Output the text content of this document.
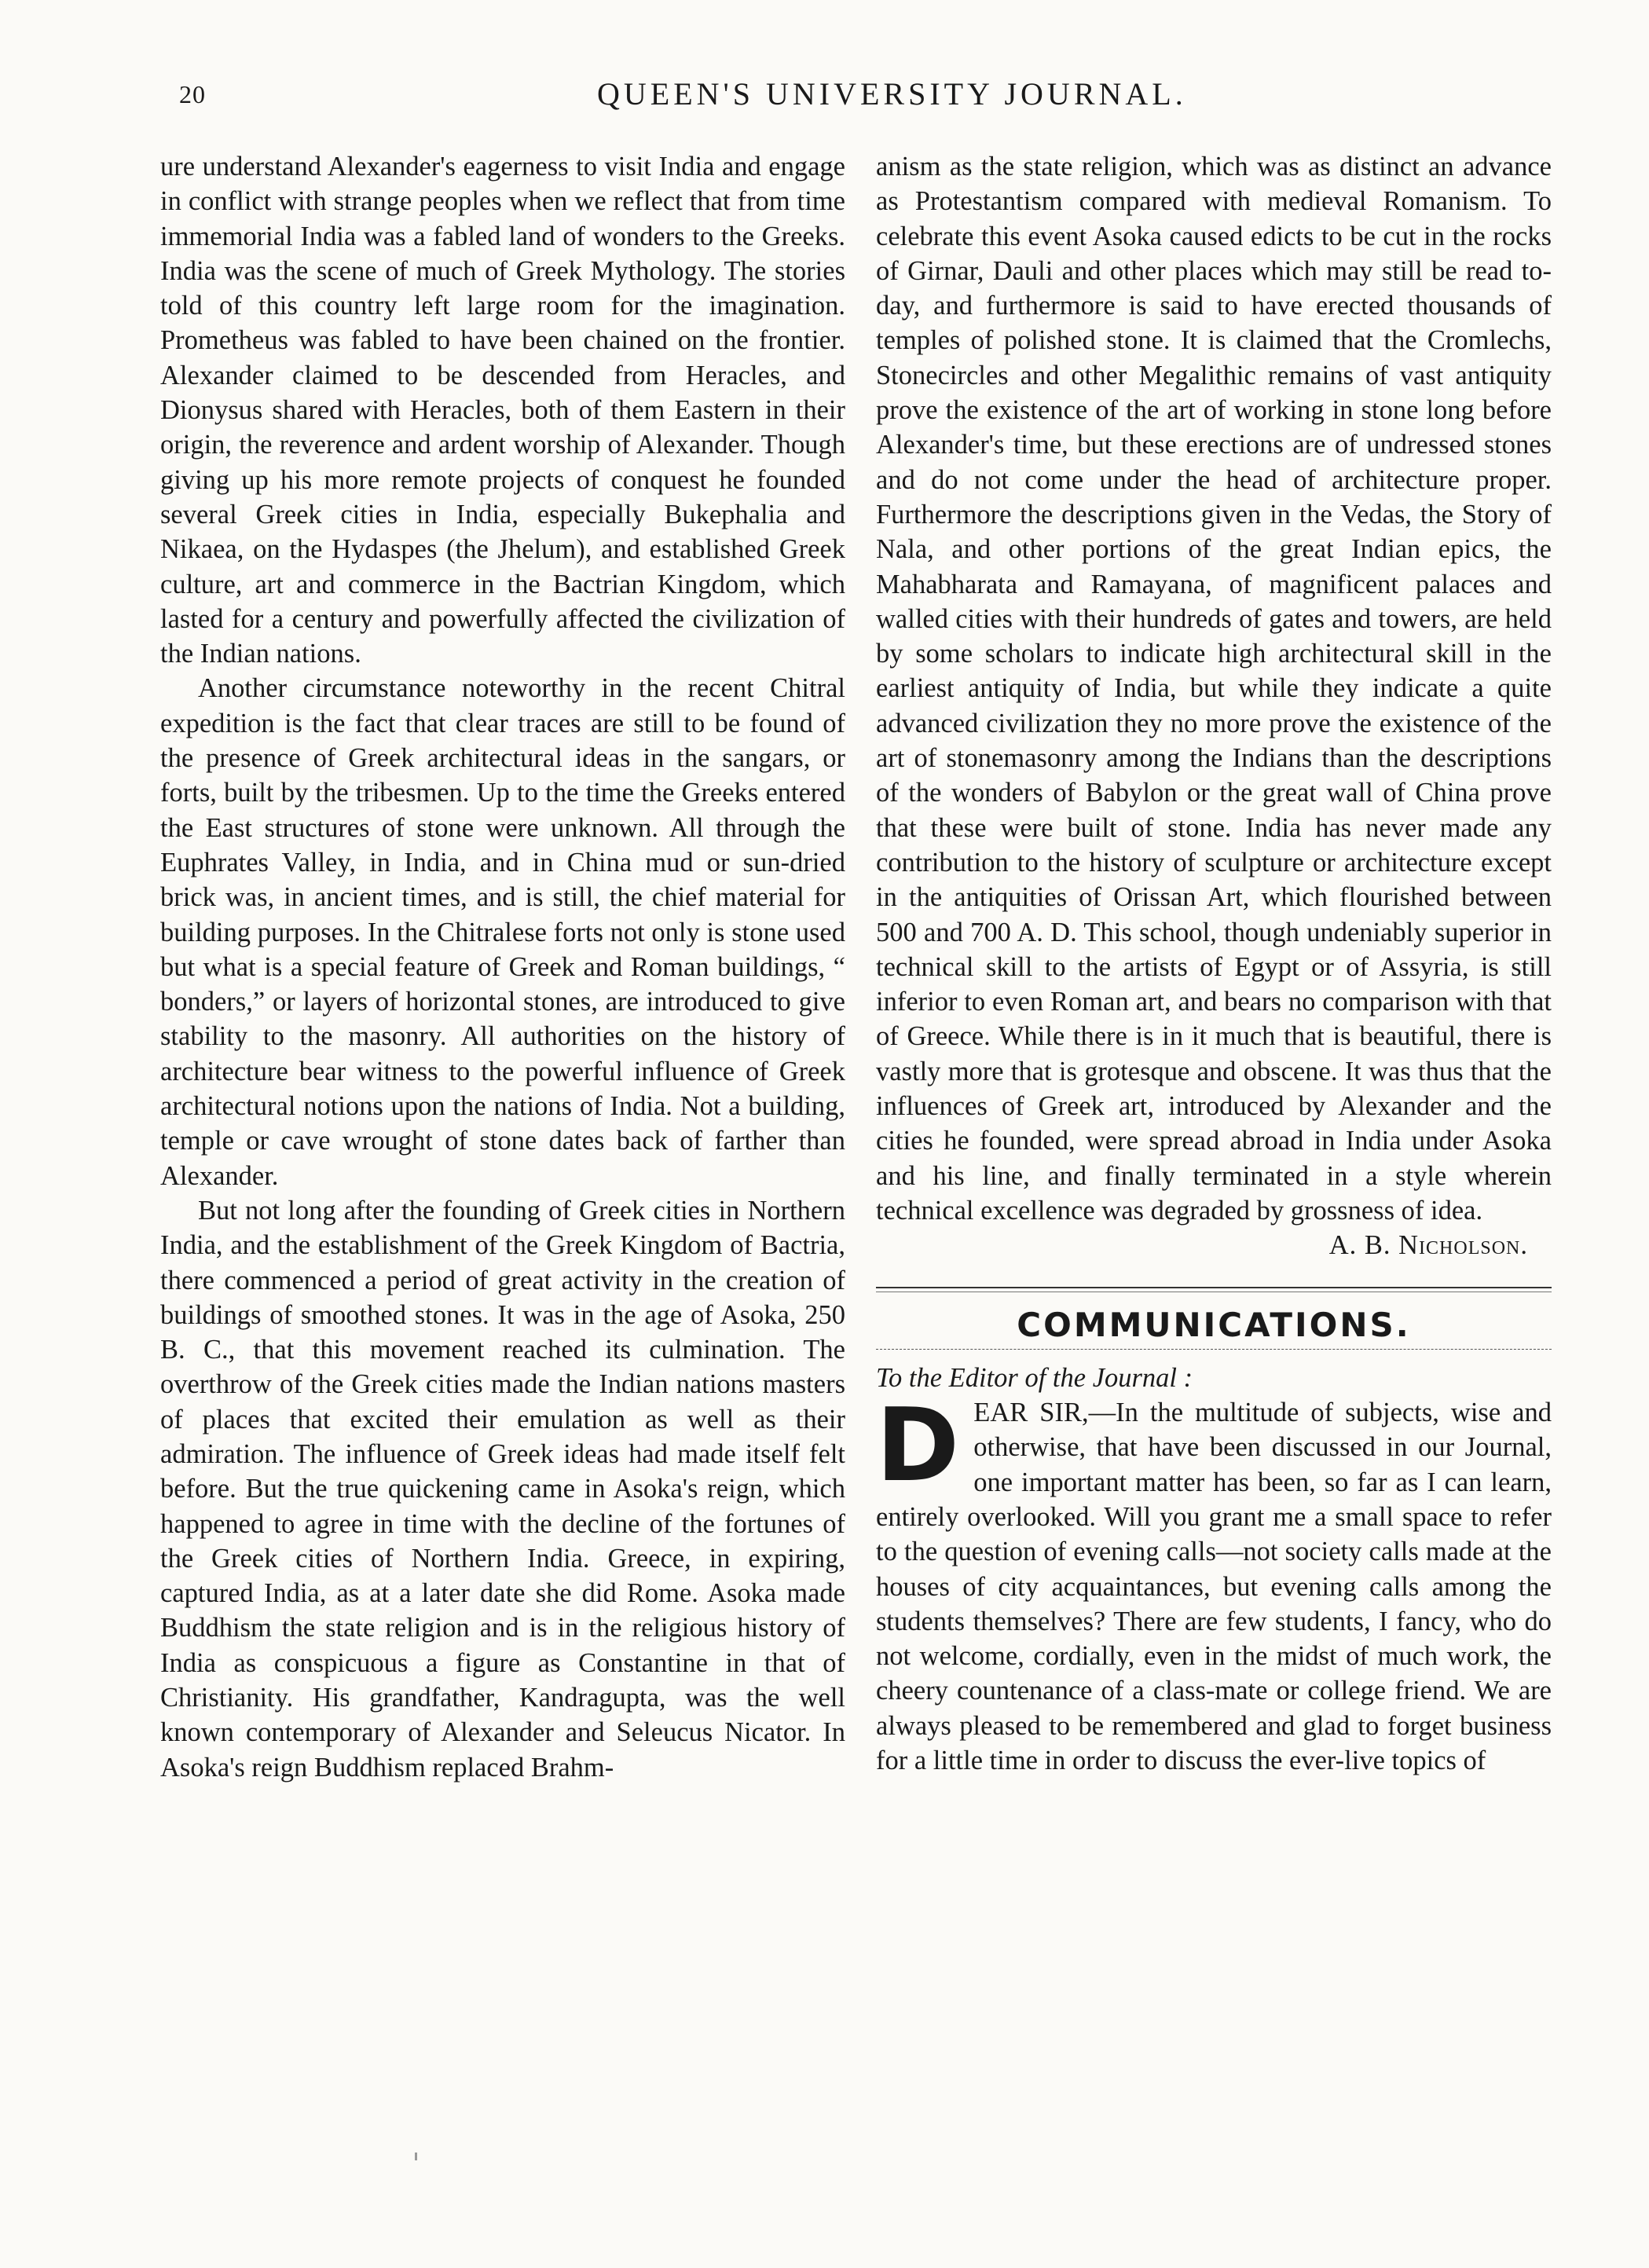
20	QUEEN'S UNIVERSITY JOURNAL.

ure understand Alexander's eagerness to visit India and engage in conflict with strange peoples when we reflect that from time immemorial India was a fabled land of wonders to the Greeks. India was the scene of much of Greek Mythology. The stories told of this country left large room for the imagination. Prometheus was fabled to have been chained on the frontier. Alexander claimed to be descended from Heracles, and Dionysus shared with Heracles, both of them Eastern in their origin, the reverence and ardent worship of Alexander. Though giving up his more remote projects of conquest he founded several Greek cities in India, especially Bukephalia and Nikaea, on the Hydaspes (the Jhelum), and established Greek culture, art and commerce in the Bactrian Kingdom, which lasted for a century and powerfully affected the civilization of the Indian nations.

Another circumstance noteworthy in the recent Chitral expedition is the fact that clear traces are still to be found of the presence of Greek architectural ideas in the sangars, or forts, built by the tribesmen. Up to the time the Greeks entered the East structures of stone were unknown. All through the Euphrates Valley, in India, and in China mud or sun-dried brick was, in ancient times, and is still, the chief material for building purposes. In the Chitralese forts not only is stone used but what is a special feature of Greek and Roman buildings, “ bonders,” or layers of horizontal stones, are introduced to give stability to the masonry. All authorities on the history of architecture bear witness to the powerful influence of Greek architectural notions upon the nations of India. Not a building, temple or cave wrought of stone dates back of farther than Alexander.

But not long after the founding of Greek cities in Northern India, and the establishment of the Greek Kingdom of Bactria, there commenced a period of great activity in the creation of buildings of smoothed stones. It was in the age of Asoka, 250 B. C., that this movement reached its culmination. The overthrow of the Greek cities made the Indian nations masters of places that excited their emulation as well as their admiration. The influence of Greek ideas had made itself felt before. But the true quickening came in Asoka's reign, which happened to agree in time with the decline of the fortunes of the Greek cities of Northern India. Greece, in expiring, captured India, as at a later date she did Rome. Asoka made Buddhism the state religion and is in the religious history of India as conspicuous a figure as Constantine in that of Christianity. His grandfather, Kandragupta, was the well known contemporary of Alexander and Seleucus Nicator. In Asoka's reign Buddhism replaced Brahm-

anism as the state religion, which was as distinct an advance as Protestantism compared with medieval Romanism. To celebrate this event Asoka caused edicts to be cut in the rocks of Girnar, Dauli and other places which may still be read to-day, and furthermore is said to have erected thousands of temples of polished stone. It is claimed that the Cromlechs, Stonecircles and other Megalithic remains of vast antiquity prove the existence of the art of working in stone long before Alexander's time, but these erections are of undressed stones and do not come under the head of architecture proper. Furthermore the descriptions given in the Vedas, the Story of Nala, and other portions of the great Indian epics, the Mahabharata and Ramayana, of magnificent palaces and walled cities with their hundreds of gates and towers, are held by some scholars to indicate high architectural skill in the earliest antiquity of India, but while they indicate a quite advanced civilization they no more prove the existence of the art of stonemasonry among the Indians than the descriptions of the wonders of Babylon or the great wall of China prove that these were built of stone. India has never made any contribution to the history of sculpture or architecture except in the antiquities of Orissan Art, which flourished between 500 and 700 A. D. This school, though undeniably superior in technical skill to the artists of Egypt or of Assyria, is still inferior to even Roman art, and bears no comparison with that of Greece. While there is in it much that is beautiful, there is vastly more that is grotesque and obscene. It was thus that the influences of Greek art, introduced by Alexander and the cities he founded, were spread abroad in India under Asoka and his line, and finally terminated in a style wherein technical excellence was degraded by grossness of idea.

A. B. Nicholson.

COMMUNICATIONS.

To the Editor of the Journal :

D EAR SIR,—In the multitude of subjects, wise and otherwise, that have been discussed in our Journal, one important matter has been, so far as I can learn, entirely overlooked. Will you grant me a small space to refer to the question of evening calls—not society calls made at the houses of city acquaintances, but evening calls among the students themselves? There are few students, I fancy, who do not welcome, cordially, even in the midst of much work, the cheery countenance of a class-mate or college friend. We are always pleased to be remembered and glad to forget business for a little time in order to discuss the ever-live topics of
